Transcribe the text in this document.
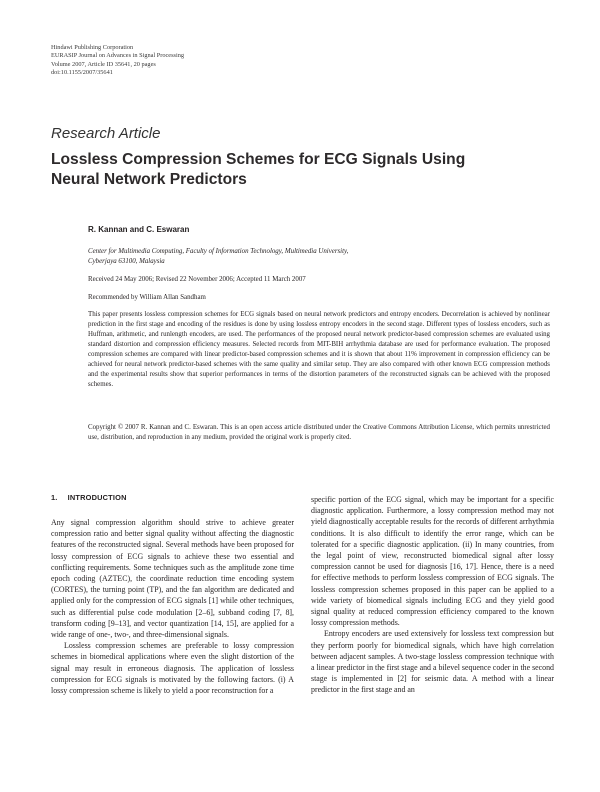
Hindawi Publishing Corporation
EURASIP Journal on Advances in Signal Processing
Volume 2007, Article ID 35641, 20 pages
doi:10.1155/2007/35641
Research Article
Lossless Compression Schemes for ECG Signals Using
Neural Network Predictors
R. Kannan and C. Eswaran
Center for Multimedia Computing, Faculty of Information Technology, Multimedia University,
Cyberjaya 63100, Malaysia
Received 24 May 2006; Revised 22 November 2006; Accepted 11 March 2007
Recommended by William Allan Sandham
This paper presents lossless compression schemes for ECG signals based on neural network predictors and entropy encoders. Decorrelation is achieved by nonlinear prediction in the first stage and encoding of the residues is done by using lossless entropy encoders in the second stage. Different types of lossless encoders, such as Huffman, arithmetic, and runlength encoders, are used. The performances of the proposed neural network predictor-based compression schemes are evaluated using standard distortion and compression efficiency measures. Selected records from MIT-BIH arrhythmia database are used for performance evaluation. The proposed compression schemes are compared with linear predictor-based compression schemes and it is shown that about 11% improvement in compression efficiency can be achieved for neural network predictor-based schemes with the same quality and similar setup. They are also compared with other known ECG compression methods and the experimental results show that superior performances in terms of the distortion parameters of the reconstructed signals can be achieved with the proposed schemes.
Copyright © 2007 R. Kannan and C. Eswaran. This is an open access article distributed under the Creative Commons Attribution License, which permits unrestricted use, distribution, and reproduction in any medium, provided the original work is properly cited.
1. INTRODUCTION

Any signal compression algorithm should strive to achieve greater compression ratio and better signal quality without affecting the diagnostic features of the reconstructed signal. Several methods have been proposed for lossy compression of ECG signals to achieve these two essential and conflicting requirements. Some techniques such as the amplitude zone time epoch coding (AZTEC), the coordinate reduction time encoding system (CORTES), the turning point (TP), and the fan algorithm are dedicated and applied only for the compression of ECG signals [1] while other techniques, such as differential pulse code modulation [2–6], subband coding [7, 8], transform coding [9–13], and vector quantization [14, 15], are applied for a wide range of one-, two-, and three-dimensional signals.

Lossless compression schemes are preferable to lossy compression schemes in biomedical applications where even the slight distortion of the signal may result in erroneous diagnosis. The application of lossless compression for ECG signals is motivated by the following factors. (i) A lossy compression scheme is likely to yield a poor reconstruction for a

specific portion of the ECG signal, which may be important for a specific diagnostic application. Furthermore, a lossy compression method may not yield diagnostically acceptable results for the records of different arrhythmia conditions. It is also difficult to identify the error range, which can be tolerated for a specific diagnostic application. (ii) In many countries, from the legal point of view, reconstructed biomedical signal after lossy compression cannot be used for diagnosis [16, 17]. Hence, there is a need for effective methods to perform lossless compression of ECG signals. The lossless compression schemes proposed in this paper can be applied to a wide variety of biomedical signals including ECG and they yield good signal quality at reduced compression efficiency compared to the known lossy compression methods.

Entropy encoders are used extensively for lossless text compression but they perform poorly for biomedical signals, which have high correlation between adjacent samples. A two-stage lossless compression technique with a linear predictor in the first stage and a bilevel sequence coder in the second stage is implemented in [2] for seismic data. A method with a linear predictor in the first stage and an
